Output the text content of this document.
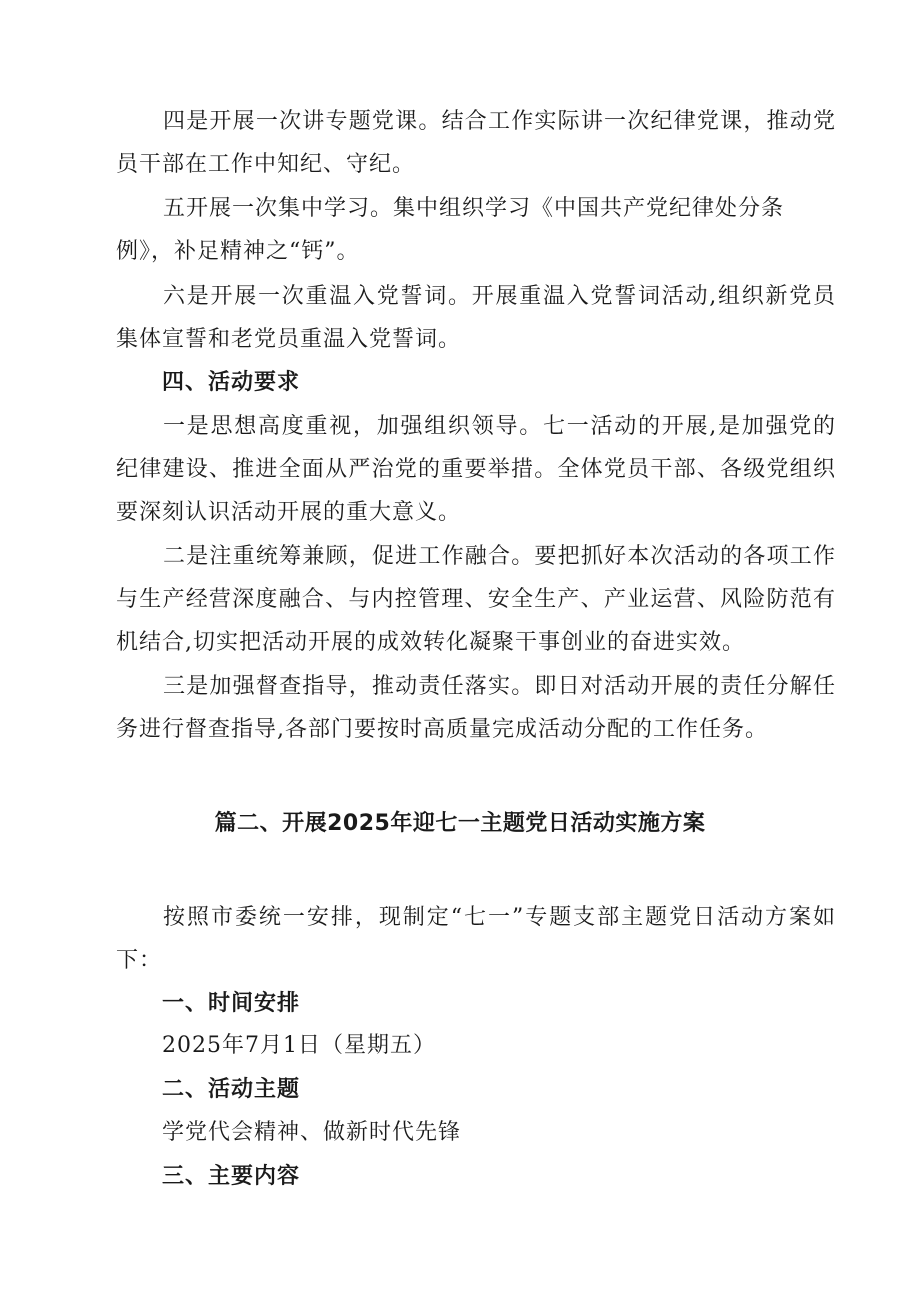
四是开展一次讲专题党课。结合工作实际讲一次纪律党课，推动党员干部在工作中知纪、守纪。

五开展一次集中学习。集中组织学习《中国共产党纪律处分条

例》，补足精神之“钙”。

六是开展一次重温入党誓词。开展重温入党誓词活动,组织新党员集体宣誓和老党员重温入党誓词。

四、活动要求

一是思想高度重视，加强组织领导。七一活动的开展,是加强党的纪律建设、推进全面从严治党的重要举措。全体党员干部、各级党组织要深刻认识活动开展的重大意义。

二是注重统筹兼顾，促进工作融合。要把抓好本次活动的各项工作与生产经营深度融合、与内控管理、安全生产、产业运营、风险防范有机结合,切实把活动开展的成效转化凝聚干事创业的奋进实效。

三是加强督查指导，推动责任落实。即日对活动开展的责任分解任务进行督查指导,各部门要按时高质量完成活动分配的工作任务。

篇二、开展2025年迎七一主题党日活动实施方案

按照市委统一安排，现制定“七一”专题支部主题党日活动方案如下：

一、时间安排

2025年7月1日（星期五）

二、活动主题

学党代会精神、做新时代先锋

三、主要内容
